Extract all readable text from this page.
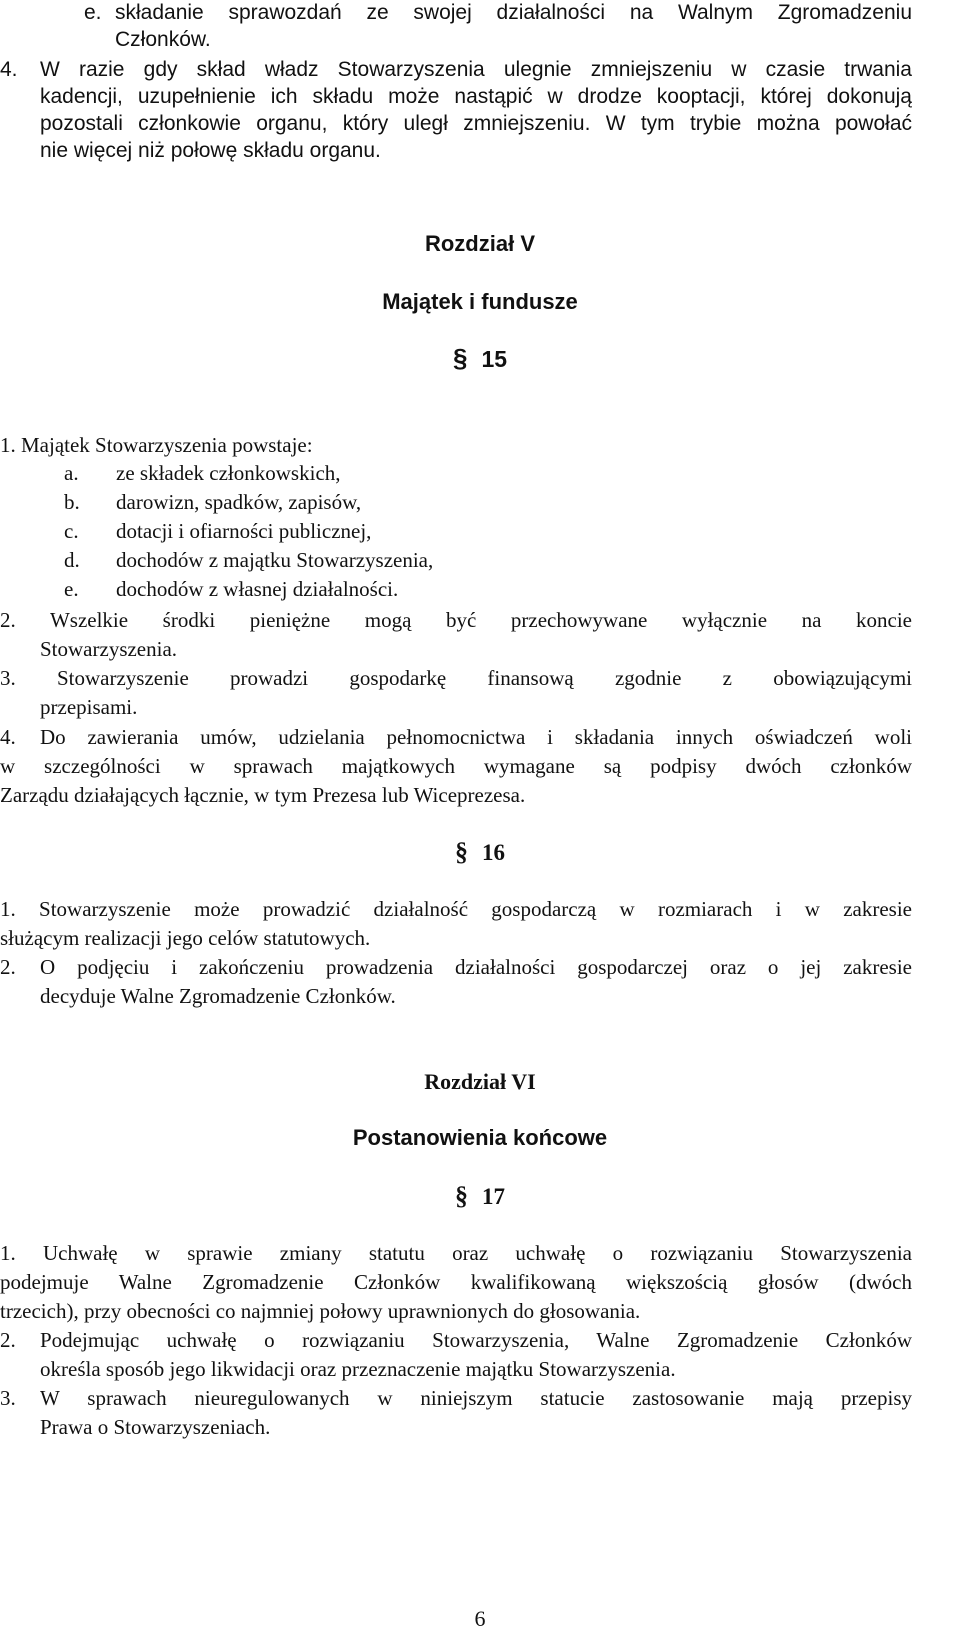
e. składanie sprawozdań ze swojej działalności na Walnym Zgromadzeniu
Członków.
4. W razie gdy skład władz Stowarzyszenia ulegnie zmniejszeniu w czasie trwania
kadencji, uzupełnienie ich składu może nastąpić w drodze kooptacji, której dokonują
pozostali członkowie organu, który uległ zmniejszeniu. W tym trybie można powołać
nie więcej niż połowę składu organu.
Rozdział V
Majątek i fundusze
§ 15
1. Majątek Stowarzyszenia powstaje:
a. ze składek członkowskich,
b. darowizn, spadków, zapisów,
c. dotacji i ofiarności publicznej,
d. dochodów z majątku Stowarzyszenia,
e. dochodów z własnej działalności.
2. Wszelkie środki pieniężne mogą być przechowywane wyłącznie na koncie
Stowarzyszenia.
3. Stowarzyszenie prowadzi gospodarkę finansową zgodnie z obowiązującymi
przepisami.
4. Do zawierania umów, udzielania pełnomocnictwa i składania innych oświadczeń woli
w szczególności w sprawach majątkowych wymagane są podpisy dwóch członków
Zarządu działających łącznie, w tym Prezesa lub Wiceprezesa.
§ 16
1. Stowarzyszenie może prowadzić działalność gospodarczą w rozmiarach i w zakresie
służącym realizacji jego celów statutowych.
2. O podjęciu i zakończeniu prowadzenia działalności gospodarczej oraz o jej zakresie
decyduje Walne Zgromadzenie Członków.
Rozdział VI
Postanowienia końcowe
§ 17
1. Uchwałę w sprawie zmiany statutu oraz uchwałę o rozwiązaniu Stowarzyszenia
podejmuje Walne Zgromadzenie Członków kwalifikowaną większością głosów (dwóch
trzecich), przy obecności co najmniej połowy uprawnionych do głosowania.
2. Podejmując uchwałę o rozwiązaniu Stowarzyszenia, Walne Zgromadzenie Członków
określa sposób jego likwidacji oraz przeznaczenie majątku Stowarzyszenia.
3. W sprawach nieuregulowanych w niniejszym statucie zastosowanie mają przepisy
Prawa o Stowarzyszeniach.
6
